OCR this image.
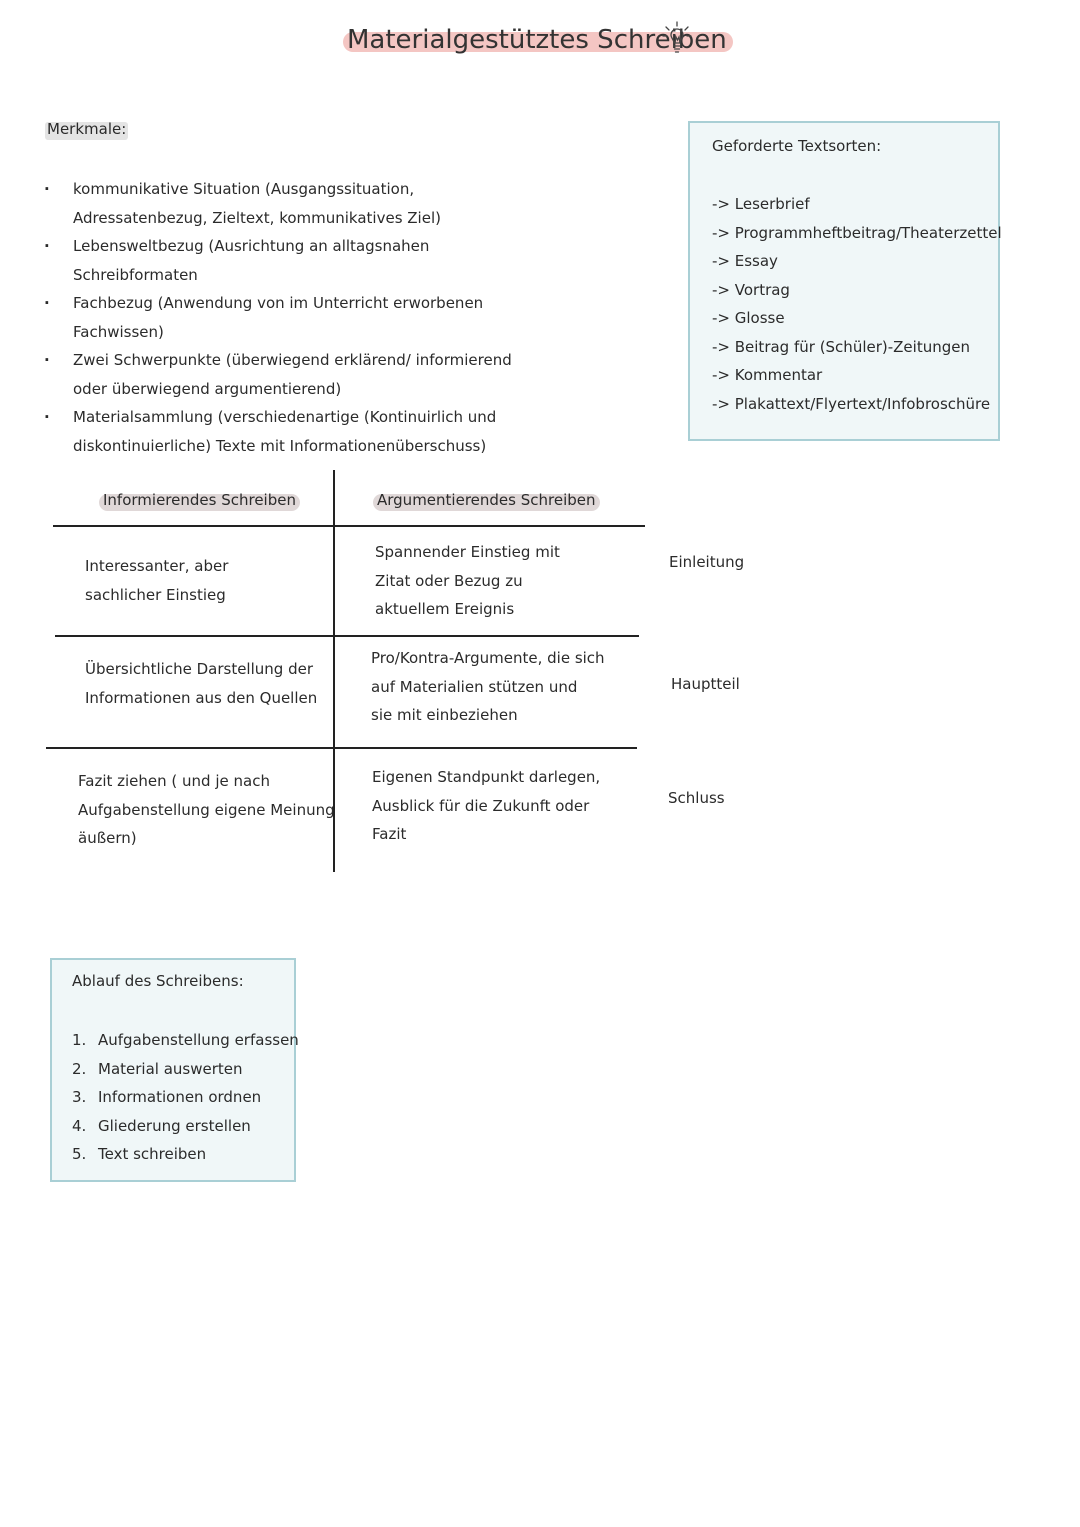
Materialgestütztes Schreiben
Merkmale:
· kommunikative Situation (Ausgangssituation, Adressatenbezug, Zieltext, kommunikatives Ziel)
· Lebensweltbezug (Ausrichtung an alltagsnahen Schreibformaten
· Fachbezug (Anwendung von im Unterricht erworbenen Fachwissen)
· Zwei Schwerpunkte (überwiegend erklärend/ informierend oder überwiegend argumentierend)
· Materialsammlung (verschiedenartige (Kontinuirlich und diskontinuierliche) Texte mit Informationenüberschuss)
Geforderte Textsorten:
-> Leserbrief
-> Programmheftbeitrag/Theaterzettel
-> Essay
-> Vortrag
-> Glosse
-> Beitrag für (Schüler)-Zeitungen
-> Kommentar
-> Plakattext/Flyertext/Infobroschüre
Informierendes Schreiben	Argumentierendes Schreiben
Interessanter, aber
sachlicher Einstieg
Spannender Einstieg mit
Zitat oder Bezug zu
aktuellem Ereignis
Einleitung
Übersichtliche Darstellung der
Informationen aus den Quellen
Pro/Kontra-Argumente, die sich
auf Materialien stützen und
sie mit einbeziehen
Hauptteil
Fazit ziehen ( und je nach
Aufgabenstellung eigene Meinung
äußern)
Eigenen Standpunkt darlegen,
Ausblick für die Zukunft oder
Fazit
Schluss
Ablauf des Schreibens:
1. Aufgabenstellung erfassen
2. Material auswerten
3. Informationen ordnen
4. Gliederung erstellen
5. Text schreiben
